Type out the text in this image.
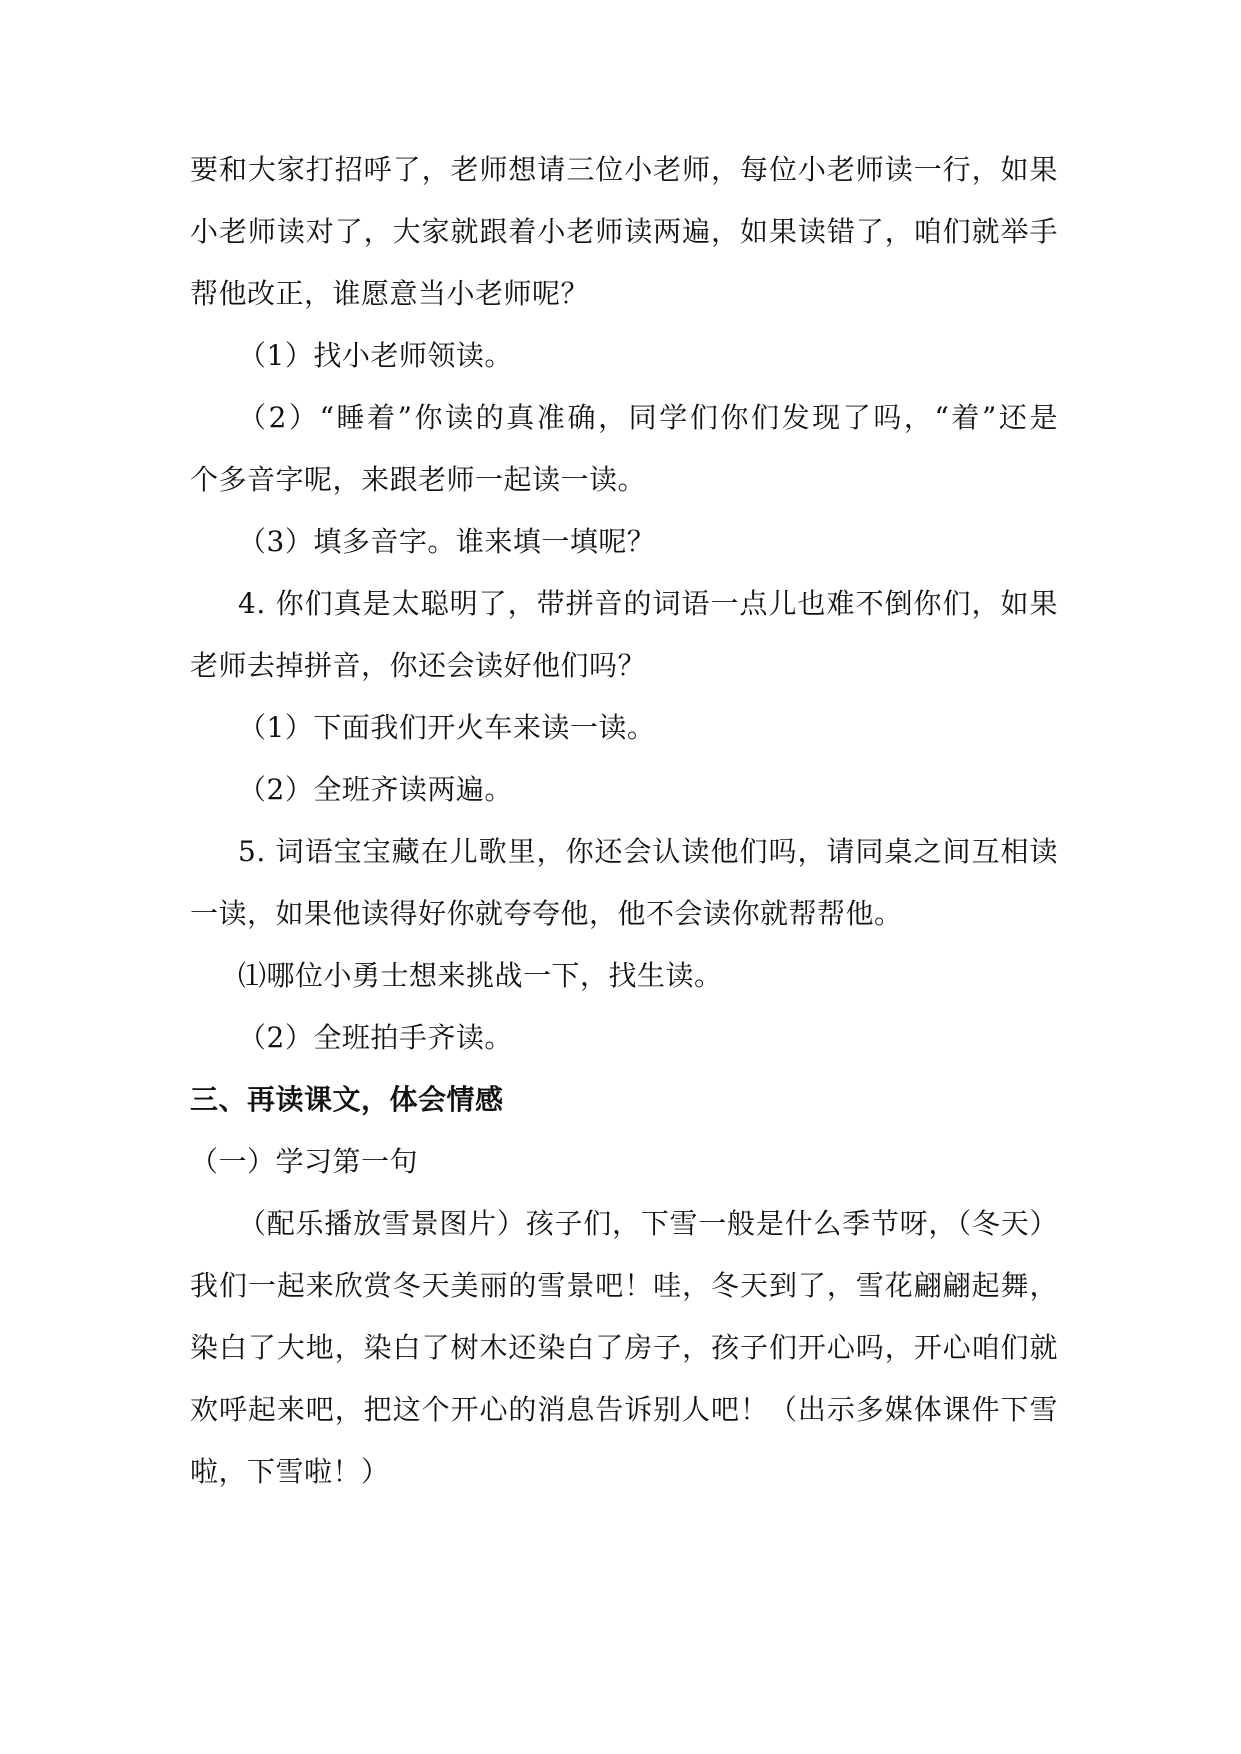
要和大家打招呼了，老师想请三位小老师，每位小老师读一行，如果
小老师读对了，大家就跟着小老师读两遍，如果读错了，咱们就举手
帮他改正，谁愿意当小老师呢？
（1）找小老师领读。
（2）“睡着”你读的真准确，同学们你们发现了吗，“着”还是
个多音字呢，来跟老师一起读一读。
（3）填多音字。谁来填一填呢？
4. 你们真是太聪明了，带拼音的词语一点儿也难不倒你们，如果
老师去掉拼音，你还会读好他们吗？
（1）下面我们开火车来读一读。
（2）全班齐读两遍。
5. 词语宝宝藏在儿歌里，你还会认读他们吗，请同桌之间互相读
一读，如果他读得好你就夸夸他，他不会读你就帮帮他。
⑴哪位小勇士想来挑战一下，找生读。
（2）全班拍手齐读。
三、再读课文，体会情感
（一）学习第一句
（配乐播放雪景图片）孩子们，下雪一般是什么季节呀，（冬天）
我们一起来欣赏冬天美丽的雪景吧！哇，冬天到了，雪花翩翩起舞，
染白了大地，染白了树木还染白了房子，孩子们开心吗，开心咱们就
欢呼起来吧，把这个开心的消息告诉别人吧！（出示多媒体课件下雪
啦，下雪啦！）
